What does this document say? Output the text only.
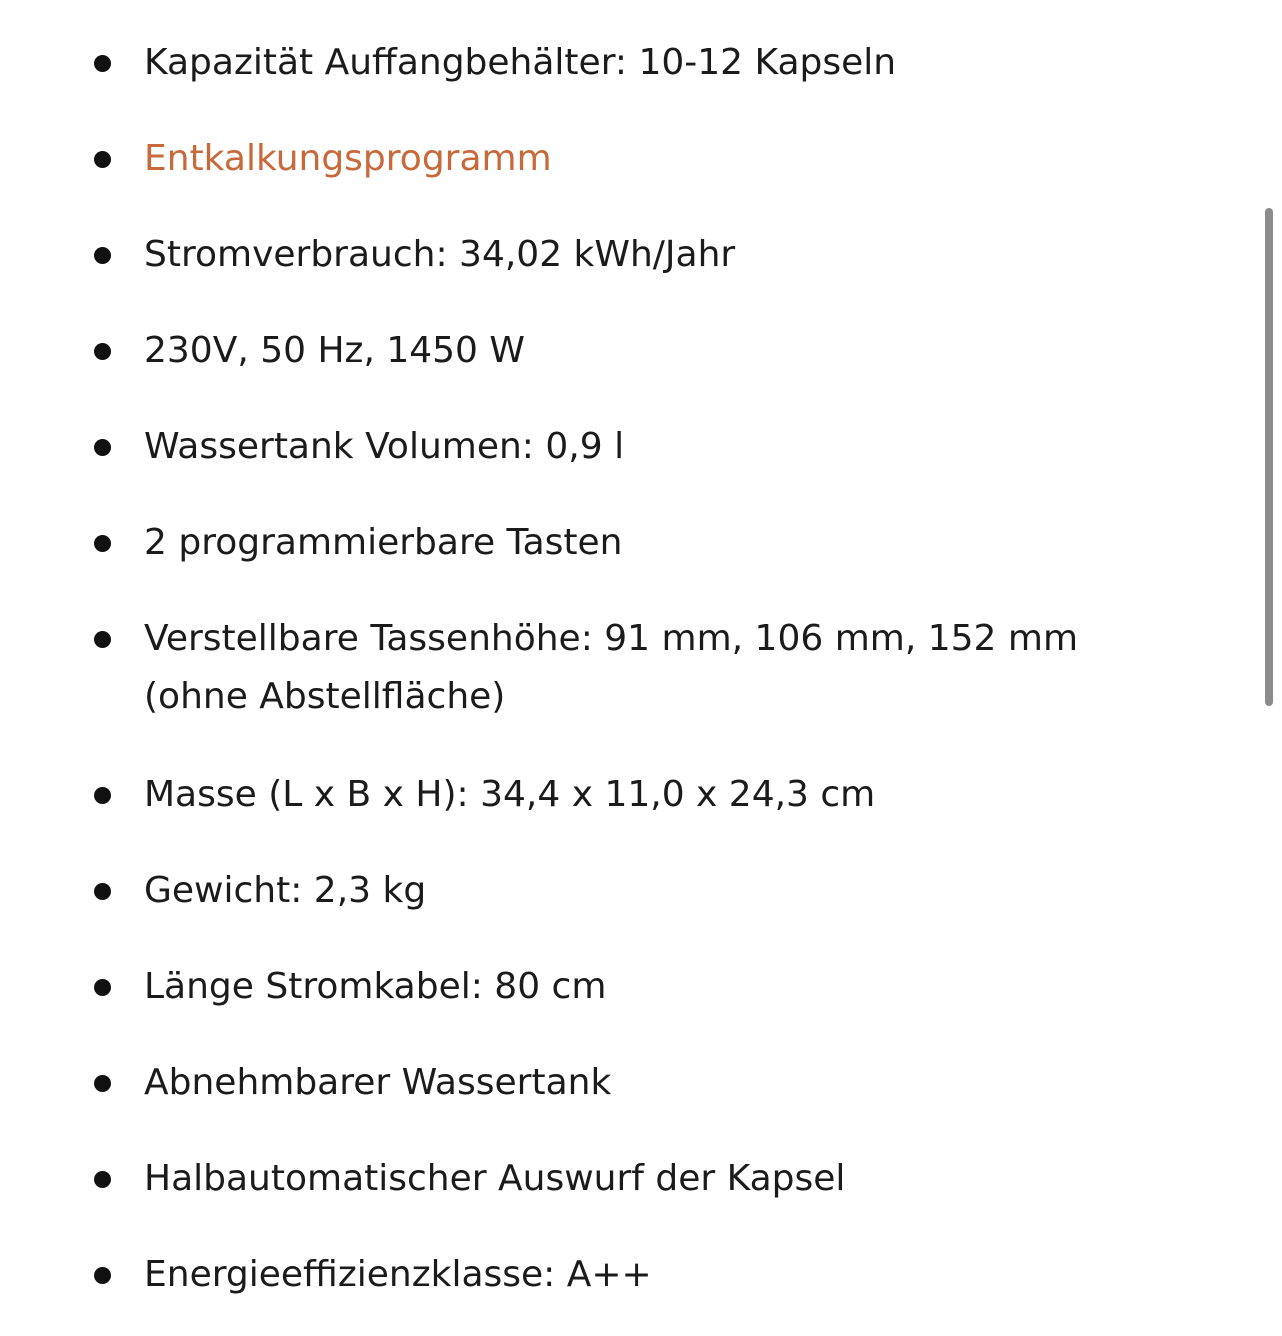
Kapazität Auffangbehälter: 10-12 Kapseln
Entkalkungsprogramm
Stromverbrauch: 34,02 kWh/Jahr
230V, 50 Hz, 1450 W
Wassertank Volumen: 0,9 l
2 programmierbare Tasten
Verstellbare Tassenhöhe: 91 mm, 106 mm, 152 mm
(ohne Abstellfläche)
Masse (L x B x H): 34,4 x 11,0 x 24,3 cm
Gewicht: 2,3 kg
Länge Stromkabel: 80 cm
Abnehmbarer Wassertank
Halbautomatischer Auswurf der Kapsel
Energieeffizienzklasse: A++
